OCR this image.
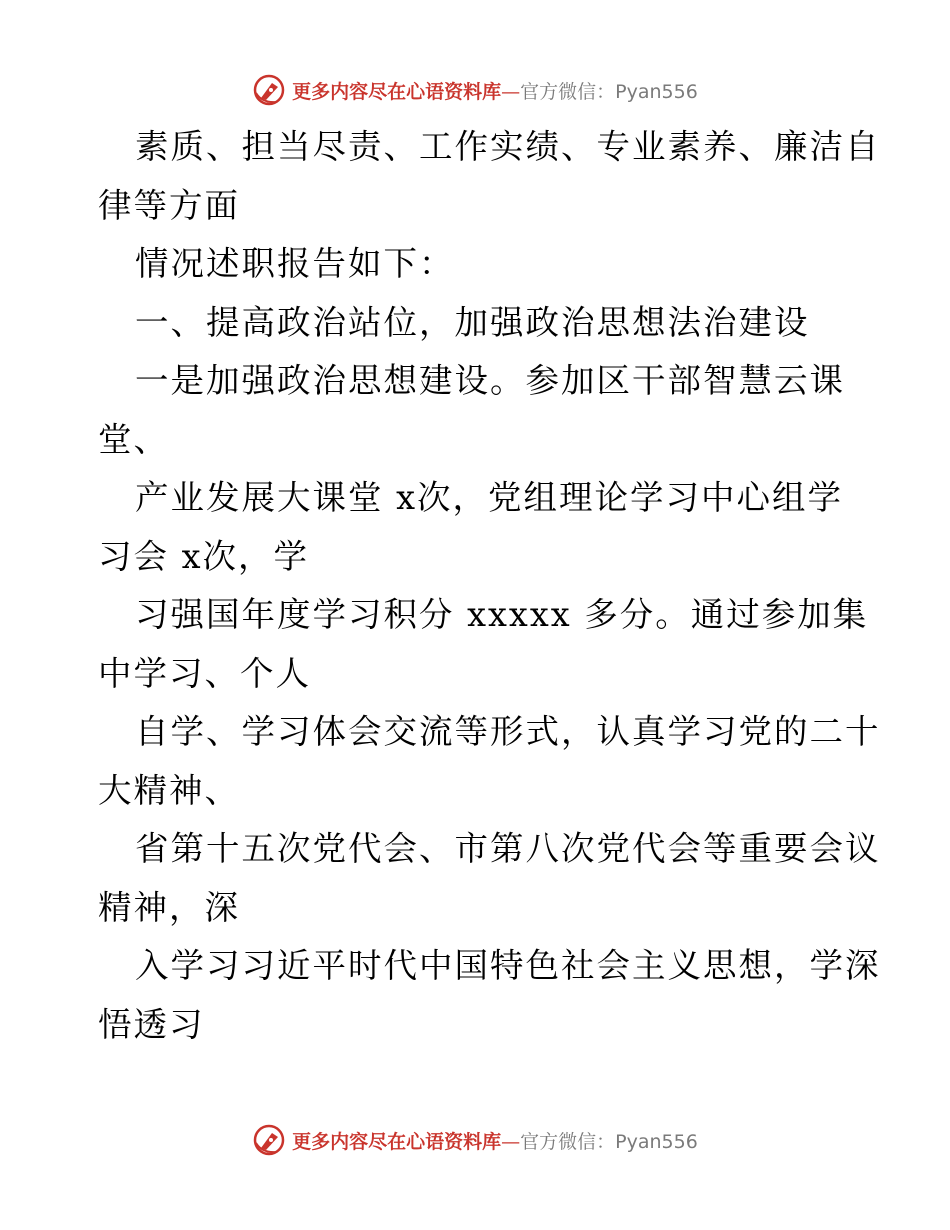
更多内容尽在心语资料库—官方微信：Pyan556
素质、担当尽责、工作实绩、专业素养、廉洁自
律等方面
情况述职报告如下：
一、提高政治站位，加强政治思想法治建设
一是加强政治思想建设。参加区干部智慧云课
堂、
产业发展大课堂 x次，党组理论学习中心组学
习会 x次，学
习强国年度学习积分 xxxxx 多分。通过参加集
中学习、个人
自学、学习体会交流等形式，认真学习党的二十
大精神、
省第十五次党代会、市第八次党代会等重要会议
精神，深
入学习习近平时代中国特色社会主义思想，学深
悟透习
更多内容尽在心语资料库—官方微信：Pyan556
